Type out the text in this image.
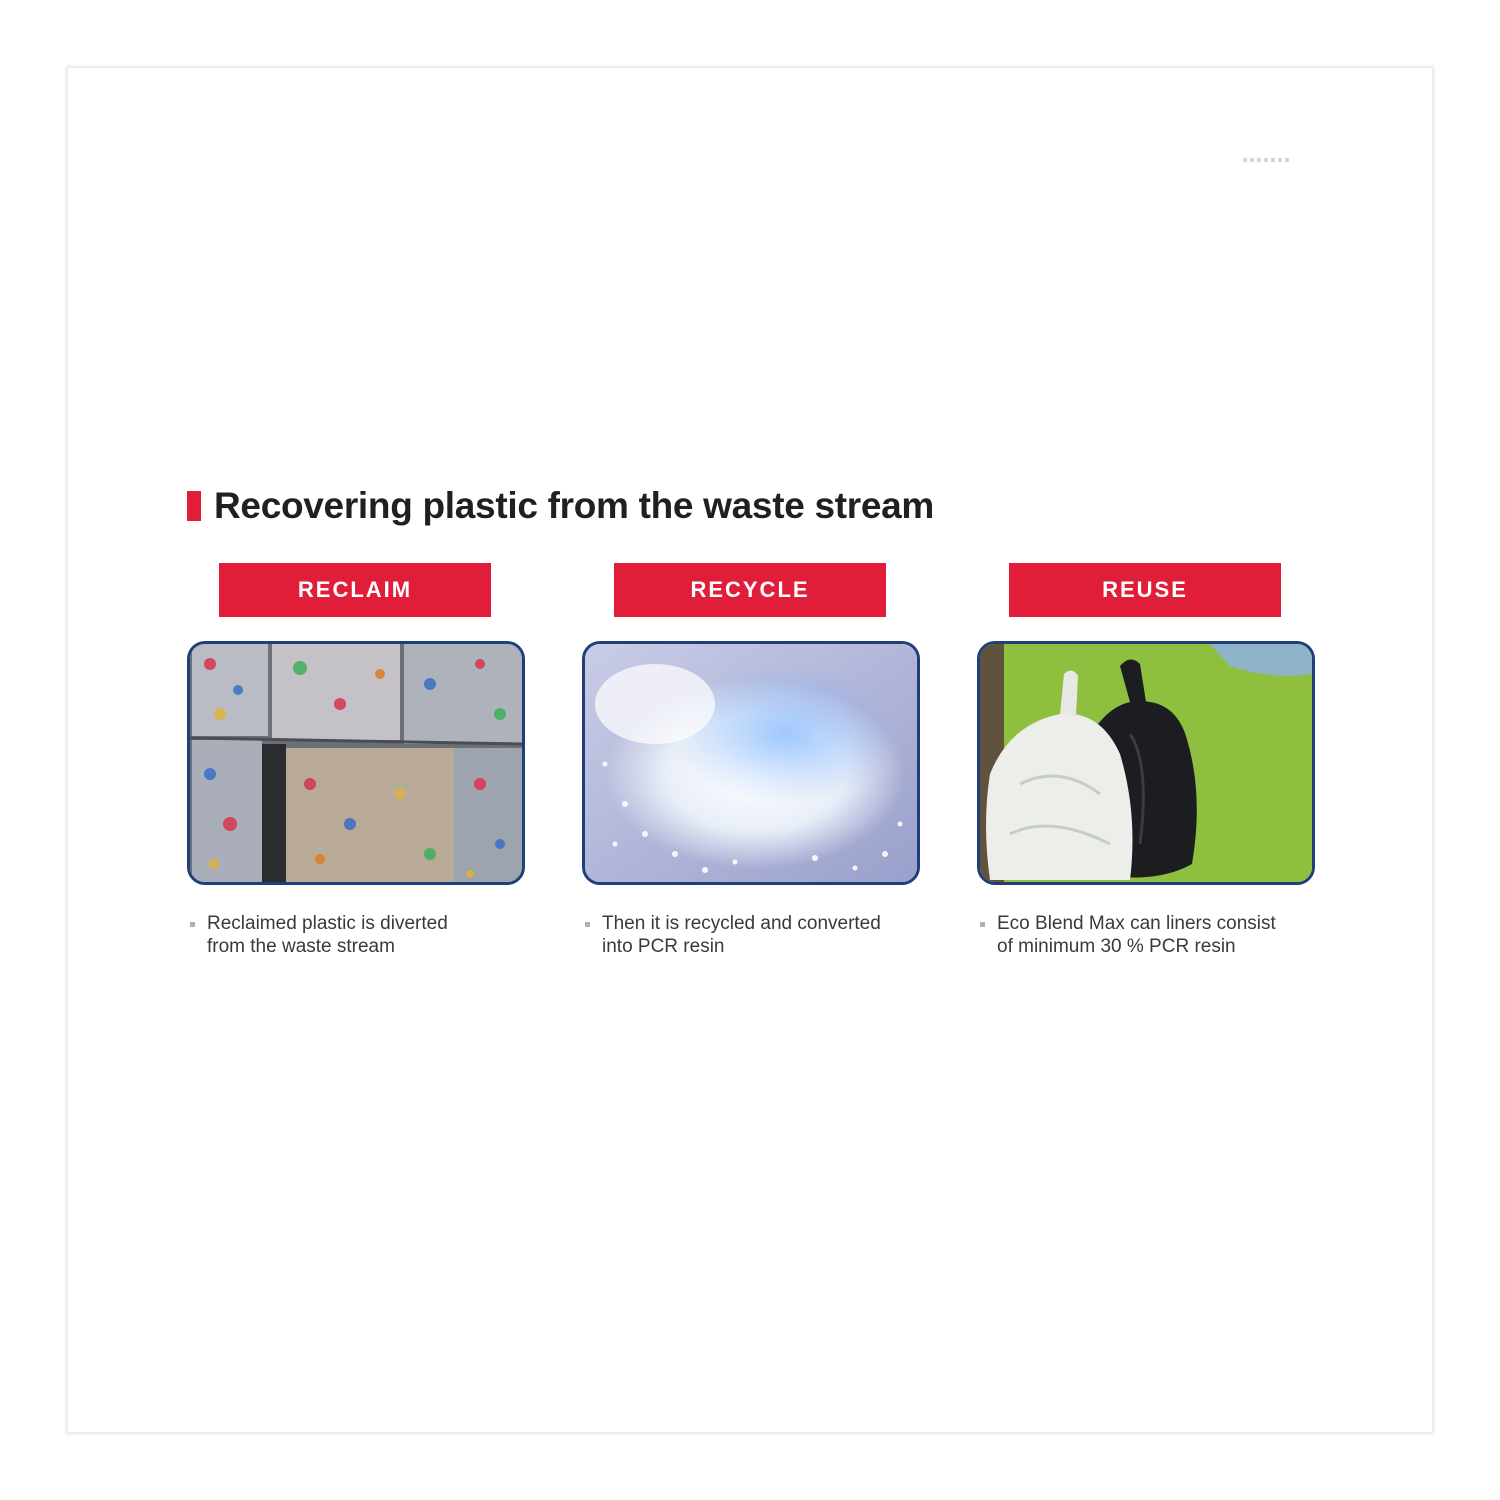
Recovering plastic from the waste stream
RECLAIM

Reclaimed plastic is diverted
from the waste stream

RECYCLE

Then it is recycled and converted
into PCR resin

REUSE

Eco Blend Max can liners consist
of minimum 30 % PCR resin
